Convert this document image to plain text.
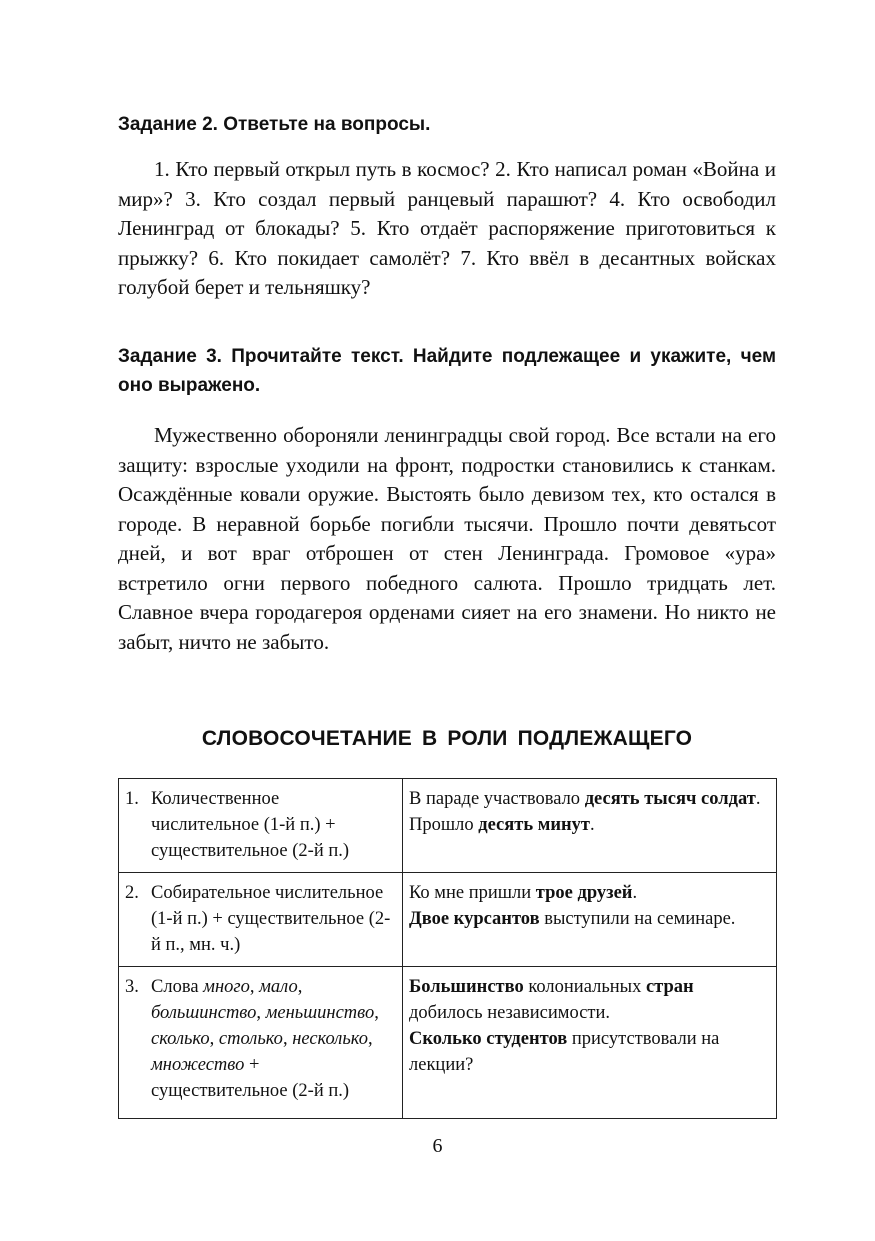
Задание 2. Ответьте на вопросы.

1. Кто первый открыл путь в космос? 2. Кто написал роман «Война и мир»? 3. Кто создал первый ранцевый парашют? 4. Кто освободил Ленинград от блокады? 5. Кто отдаёт распоряжение приготовиться к прыжку? 6. Кто покидает самолёт? 7. Кто ввёл в десантных войсках голубой берет и тельняшку?

Задание 3. Прочитайте текст. Найдите подлежащее и укажите, чем оно выражено.

Мужественно обороняли ленинградцы свой город. Все встали на его защиту: взрослые уходили на фронт, подростки становились к станкам. Осаждённые ковали оружие. Выстоять было девизом тех, кто остался в городе. В неравной борьбе погибли тысячи. Прошло почти девятьсот дней, и вот враг отброшен от стен Ленинграда. Громовое «ура» встретило огни первого победного салюта. Прошло тридцать лет. Славное вчера городагероя орденами сияет на его знамени. Но никто не забыт, ничто не забыто.

СЛОВОСОЧЕТАНИЕ В РОЛИ ПОДЛЕЖАЩЕГО
1. Количественное числительное (1-й п.) + существительное (2-й п.)	В параде участвовало десять тысяч солдат.
Прошло десять минут.

2. Собирательное числительное (1-й п.) + существительное (2-й п., мн. ч.)	Ко мне пришли трое друзей.
Двое курсантов выступили на семинаре.

3. Слова много, мало, большинство, меньшинство, сколько, столько, несколько, множество + существительное (2-й п.)	Большинство колониальных стран добилось независимости.
Сколько студентов присутствовали на лекции?
6
